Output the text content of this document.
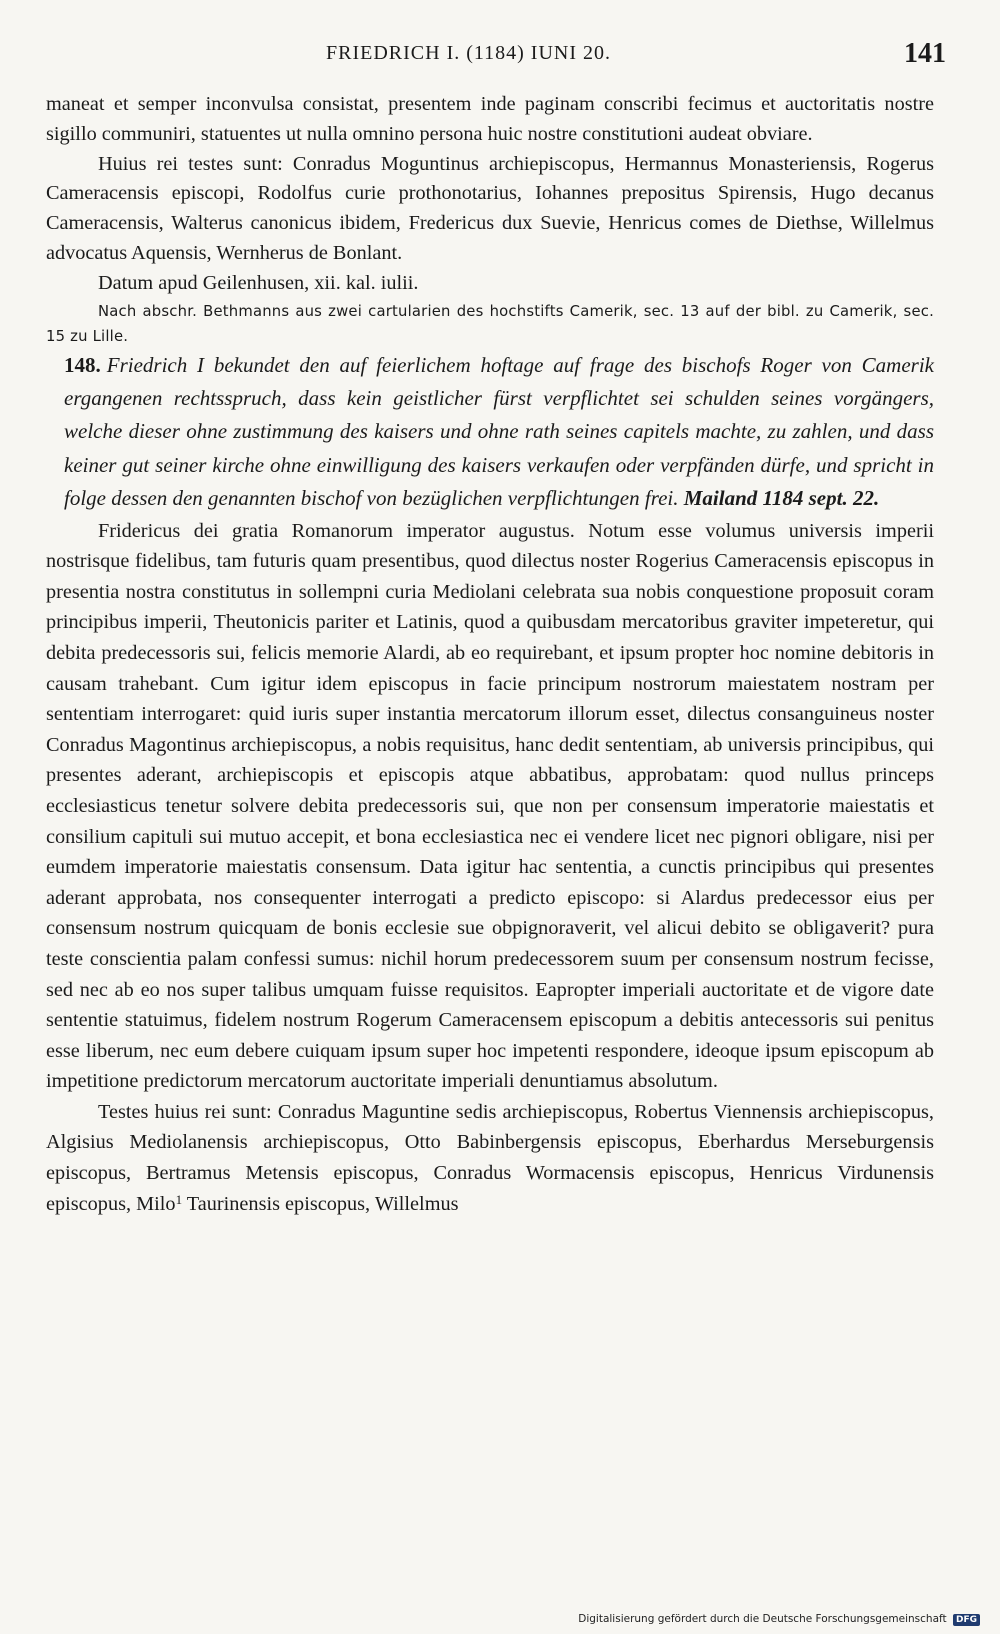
FRIEDRICH I. (1184) IUNI 20.	141

maneat et semper inconvulsa consistat, presentem inde paginam conscribi fecimus et auctoritatis nostre sigillo communiri, statuentes ut nulla omnino persona huic nostre constitutioni audeat obviare.

Huius rei testes sunt: Conradus Moguntinus archiepiscopus, Hermannus Monasteriensis, Rogerus Cameracensis episcopi, Rodolfus curie prothonotarius, Iohannes prepositus Spirensis, Hugo decanus Cameracensis, Walterus canonicus ibidem, Fredericus dux Suevie, Henricus comes de Diethse, Willelmus advocatus Aquensis, Wernherus de Bonlant.

Datum apud Geilenhusen, xii. kal. iulii.

Nach abschr. Bethmanns aus zwei cartularien des hochstifts Camerik, sec. 13 auf der bibl. zu Camerik, sec. 15 zu Lille.

148. Friedrich I bekundet den auf feierlichem hoftage auf frage des bischofs Roger von Camerik ergangenen rechtsspruch, dass kein geistlicher fürst verpflichtet sei schulden seines vorgängers, welche dieser ohne zustimmung des kaisers und ohne rath seines capitels machte, zu zahlen, und dass keiner gut seiner kirche ohne einwilligung des kaisers verkaufen oder verpfänden dürfe, und spricht in folge dessen den genannten bischof von bezüglichen verpflichtungen frei. Mailand 1184 sept. 22.

Fridericus dei gratia Romanorum imperator augustus. Notum esse volumus universis imperii nostrisque fidelibus, tam futuris quam presentibus, quod dilectus noster Rogerius Cameracensis episcopus in presentia nostra constitutus in sollempni curia Mediolani celebrata sua nobis conquestione proposuit coram principibus imperii, Theutonicis pariter et Latinis, quod a quibusdam mercatoribus graviter impeteretur, qui debita predecessoris sui, felicis memorie Alardi, ab eo requirebant, et ipsum propter hoc nomine debitoris in causam trahebant. Cum igitur idem episcopus in facie principum nostrorum maiestatem nostram per sententiam interrogaret: quid iuris super instantia mercatorum illorum esset, dilectus consanguineus noster Conradus Magontinus archiepiscopus, a nobis requisitus, hanc dedit sententiam, ab universis principibus, qui presentes aderant, archiepiscopis et episcopis atque abbatibus, approbatam: quod nullus princeps ecclesiasticus tenetur solvere debita predecessoris sui, que non per consensum imperatorie maiestatis et consilium capituli sui mutuo accepit, et bona ecclesiastica nec ei vendere licet nec pignori obligare, nisi per eumdem imperatorie maiestatis consensum. Data igitur hac sententia, a cunctis principibus qui presentes aderant approbata, nos consequenter interrogati a predicto episcopo: si Alardus predecessor eius per consensum nostrum quicquam de bonis ecclesie sue obpignoraverit, vel alicui debito se obligaverit? pura teste conscientia palam confessi sumus: nichil horum predecessorem suum per consensum nostrum fecisse, sed nec ab eo nos super talibus umquam fuisse requisitos. Eapropter imperiali auctoritate et de vigore date sententie statuimus, fidelem nostrum Rogerum Cameracensem episcopum a debitis antecessoris sui penitus esse liberum, nec eum debere cuiquam ipsum super hoc impetenti respondere, ideoque ipsum episcopum ab impetitione predictorum mercatorum auctoritate imperiali denuntiamus absolutum.

Testes huius rei sunt: Conradus Maguntine sedis archiepiscopus, Robertus Viennensis archiepiscopus, Algisius Mediolanensis archiepiscopus, Otto Babinbergensis episcopus, Eberhardus Merseburgensis episcopus, Bertramus Metensis episcopus, Conradus Wormacensis episcopus, Henricus Virdunensis episcopus, Milo$^1$ Taurinensis episcopus, Willelmus

Digitalisierung gefördert durch die Deutsche Forschungsgemeinschaft DFG
